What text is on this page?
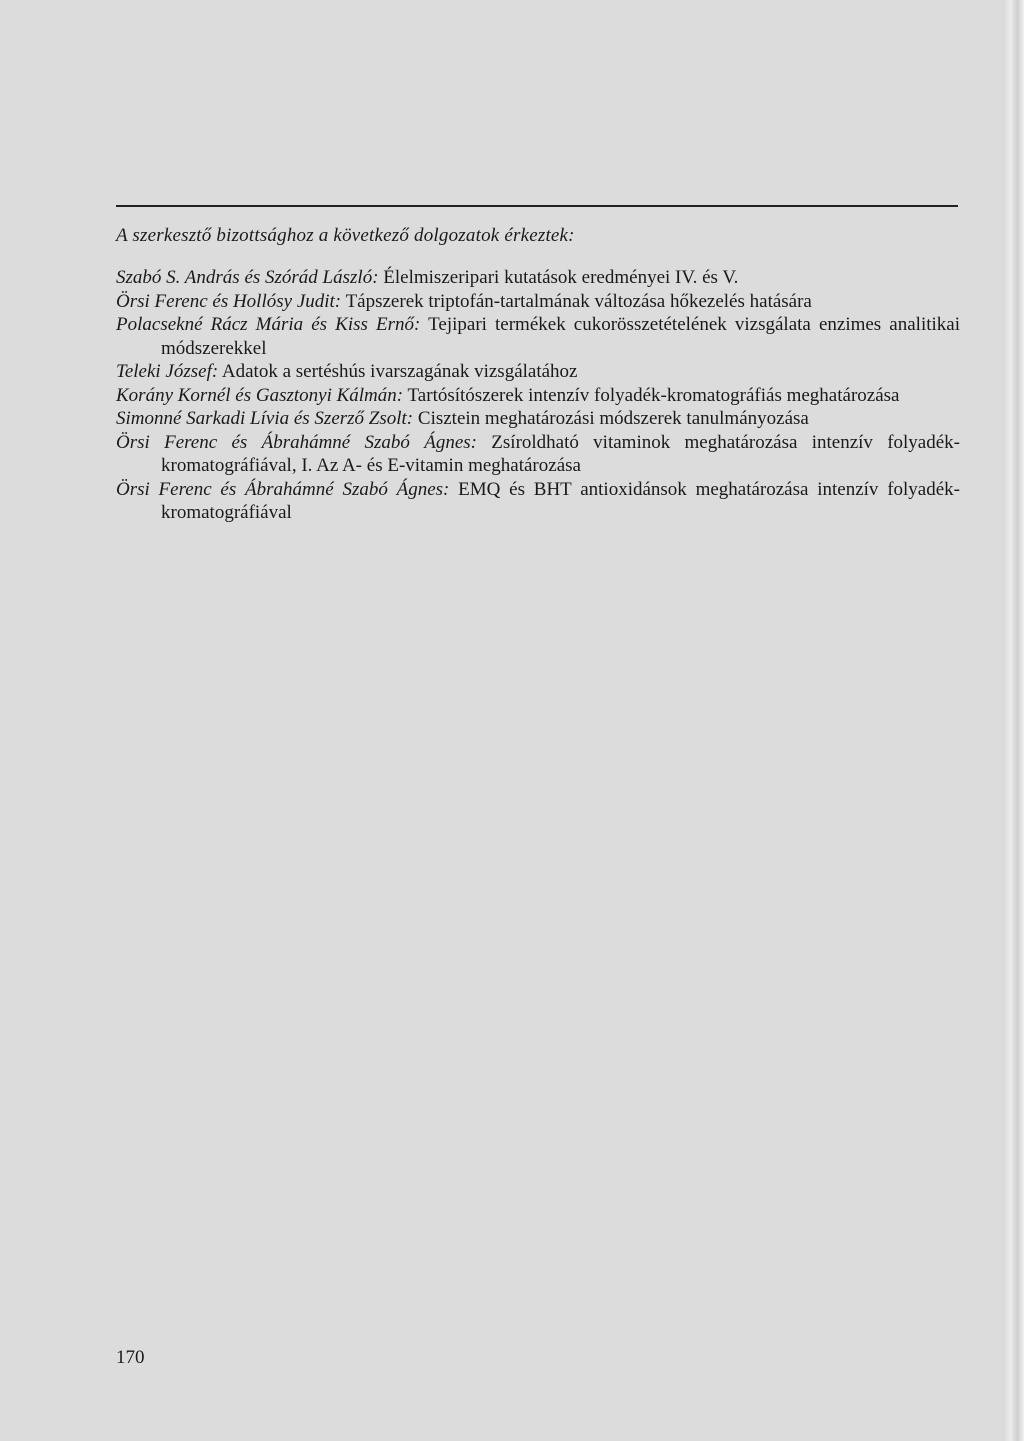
A szerkesztő bizottsághoz a következő dolgozatok érkeztek:

Szabó S. András és Szórád László: Élelmiszeripari kutatások eredményei IV. és V.
Örsi Ferenc és Hollósy Judit: Tápszerek triptofán-tartalmának változása hőkezelés hatására
Polacsekné Rácz Mária és Kiss Ernő: Tejipari termékek cukorösszetételének vizsgálata enzimes analitikai módszerekkel
Teleki József: Adatok a sertéshús ivarszagának vizsgálatához
Korány Kornél és Gasztonyi Kálmán: Tartósítószerek intenzív folyadék-kromatográfiás meghatározása
Simonné Sarkadi Lívia és Szerző Zsolt: Cisztein meghatározási módszerek tanulmányozása
Örsi Ferenc és Ábrahámné Szabó Ágnes: Zsíroldható vitaminok meghatározása intenzív folyadék-kromatográfiával, I. Az A- és E-vitamin meghatározása
Örsi Ferenc és Ábrahámné Szabó Ágnes: EMQ és BHT antioxidánsok meghatározása intenzív folyadék-kromatográfiával
170
